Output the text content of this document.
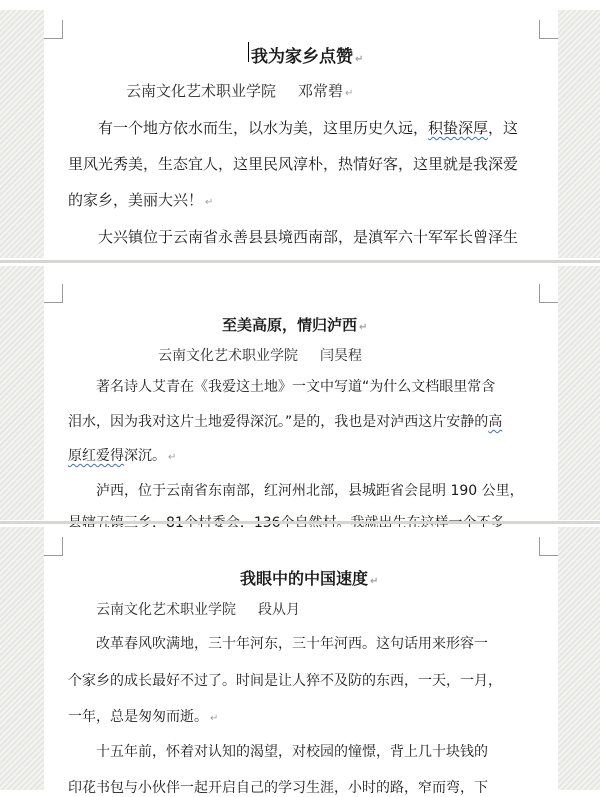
我为家乡点赞 ↵
云南文化艺术职业学院 邓常碧 ↵
有一个地方依水而生，以水为美，这里历史久远，积蛰深厚，这
里风光秀美，生态宜人，这里民风淳朴，热情好客，这里就是我深爱
的家乡，美丽大兴！ ↵
大兴镇位于云南省永善县县境西南部，是滇军六十军军长曾泽生
至美高原，情归泸西 ↵
云南文化艺术职业学院 闫昊程
著名诗人艾青在《我爱这土地》一文中写道“为什么文档眼里常含
泪水，因为我对这片土地爱得深沉。”是的，我也是对泸西这片安静的高
原红爱得深沉。 ↵
泸西，位于云南省东南部，红河州北部，县城距省会昆明 190 公里，
我眼中的中国速度 ↵
云南文化艺术职业学院 段从月
改革春风吹满地，三十年河东，三十年河西。这句话用来形容一
个家乡的成长最好不过了。时间是让人猝不及防的东西，一天，一月，
一年，总是匆匆而逝。 ↵
十五年前，怀着对认知的渴望，对校园的憧憬，背上几十块钱的
印花书包与小伙伴一起开启自己的学习生涯，小时的路，窄而弯，下
